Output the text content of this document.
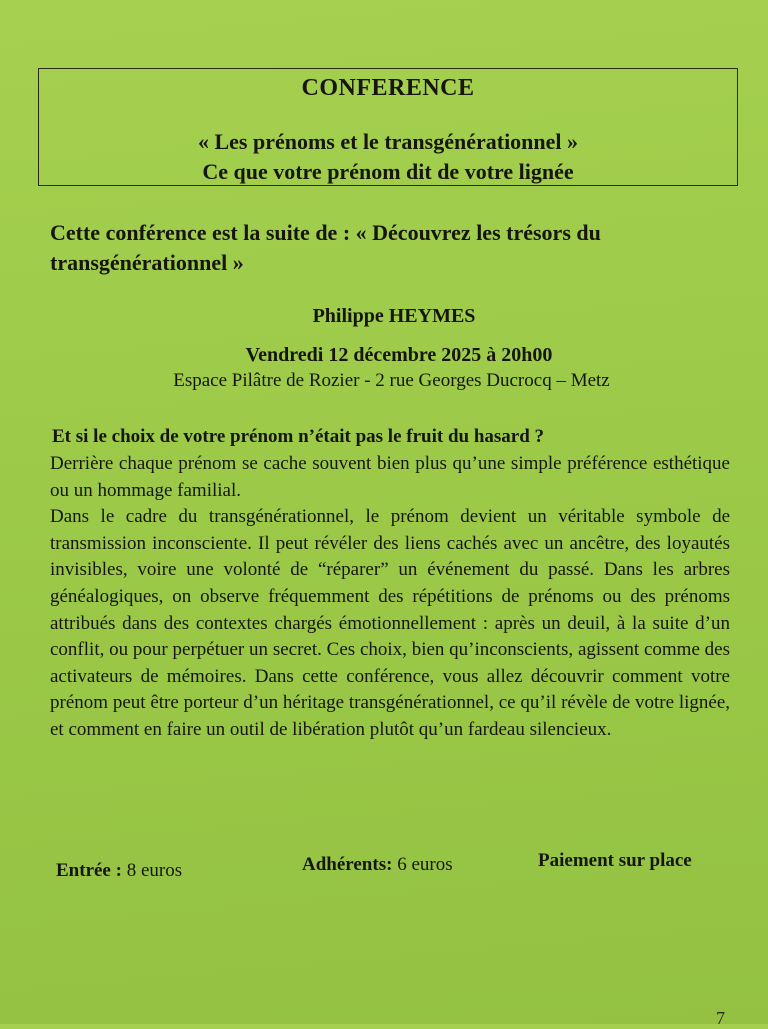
CONFERENCE
« Les prénoms et le transgénérationnel »
Ce que votre prénom dit de votre lignée
Cette conférence est la suite de : « Découvrez les trésors du transgénérationnel »
Philippe HEYMES
Vendredi 12 décembre 2025 à 20h00
Espace Pilâtre de Rozier - 2 rue Georges Ducrocq – Metz
Et si le choix de votre prénom n’était pas le fruit du hasard ?

Derrière chaque prénom se cache souvent bien plus qu’une simple préférence esthétique ou un hommage familial.

Dans le cadre du transgénérationnel, le prénom devient un véritable symbole de transmission inconsciente. Il peut révéler des liens cachés avec un ancêtre, des loyautés invisibles, voire une volonté de “réparer” un événement du passé. Dans les arbres généalogiques, on observe fréquemment des répétitions de prénoms ou des prénoms attribués dans des contextes chargés émotionnellement : après un deuil, à la suite d’un conflit, ou pour perpétuer un secret. Ces choix, bien qu’inconscients, agissent comme des activateurs de mémoires. Dans cette conférence, vous allez découvrir comment votre prénom peut être porteur d’un héritage transgénérationnel, ce qu’il révèle de votre lignée, et comment en faire un outil de libération plutôt qu’un fardeau silencieux.

Entrée : 8 euros	Adhérents: 6 euros	Paiement sur place
7
